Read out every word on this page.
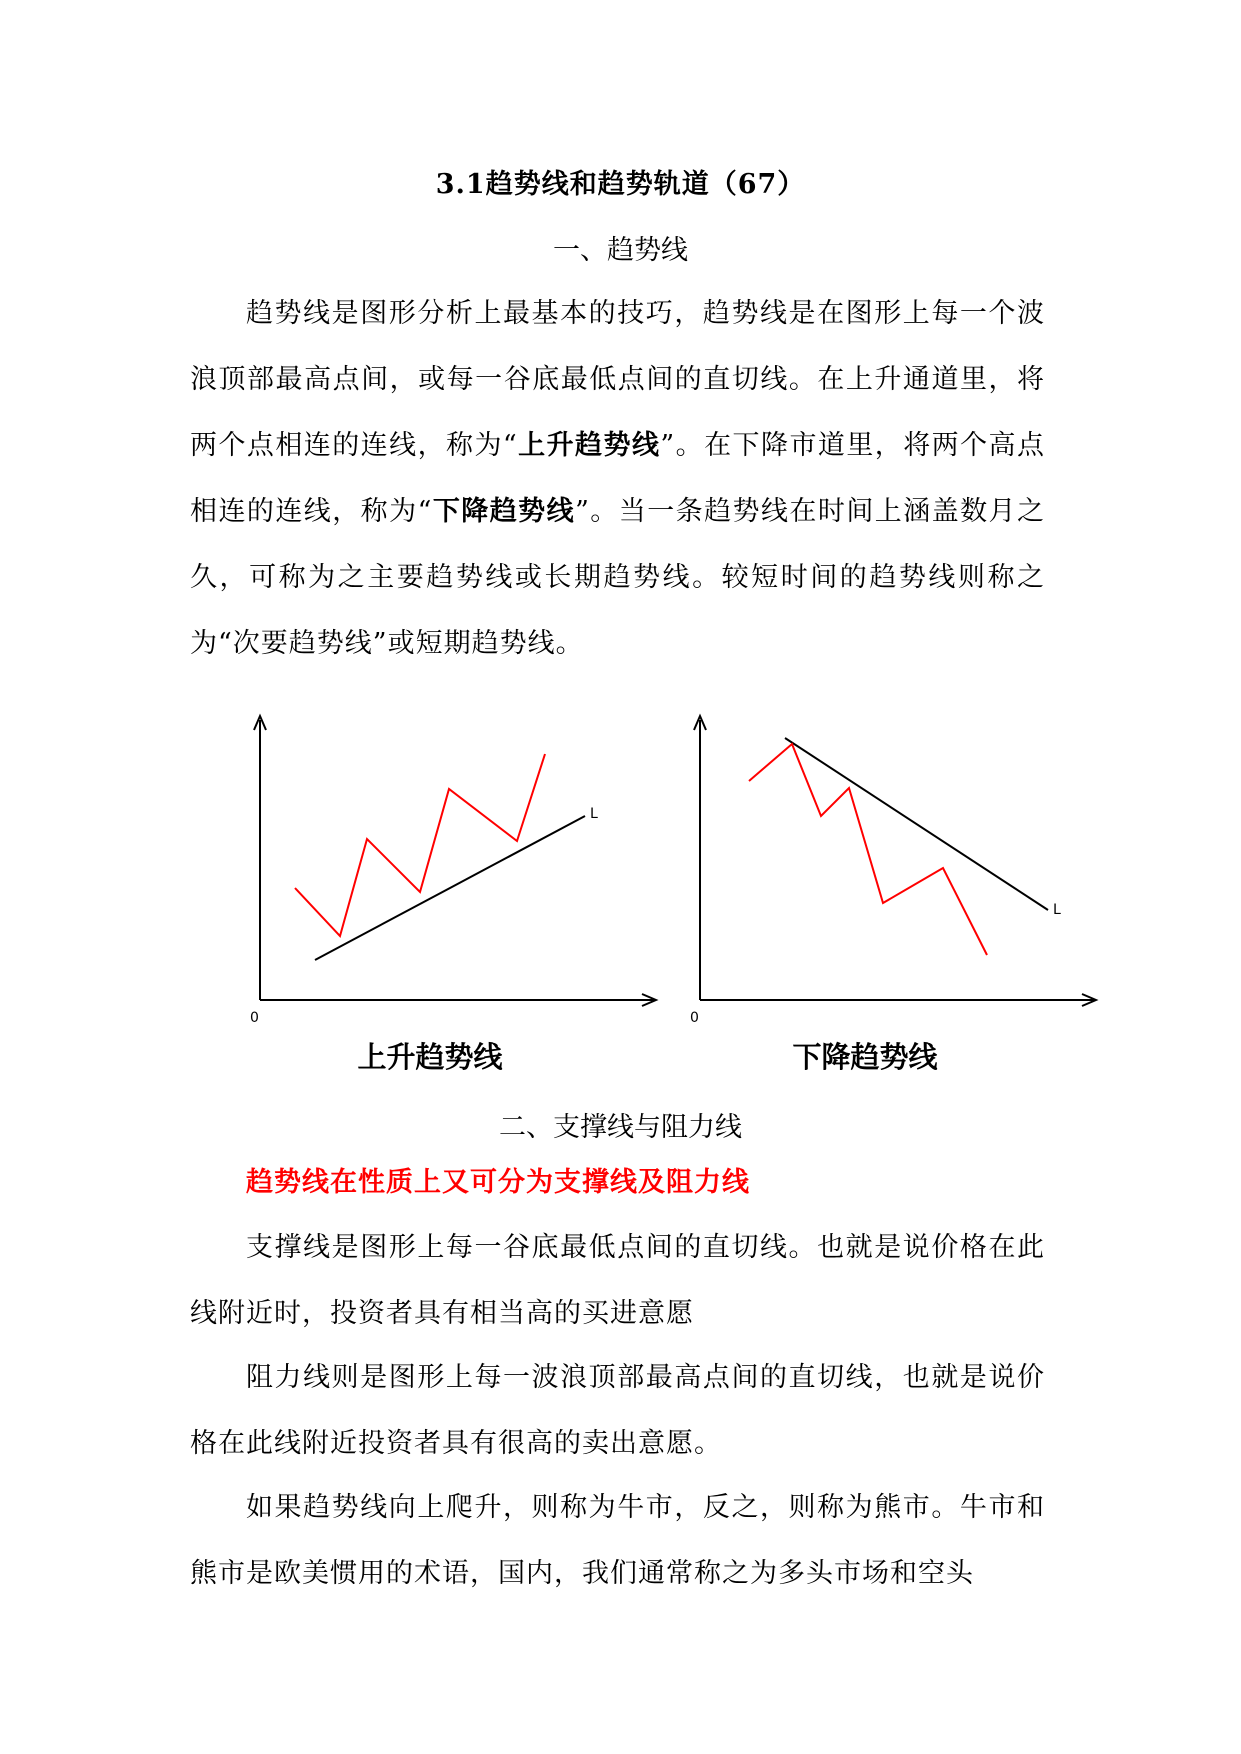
3.1趋势线和趋势轨道（67）
一、趋势线
趋势线是图形分析上最基本的技巧，趋势线是在图形上每一个波浪顶部最高点间，或每一谷底最低点间的直切线。在上升通道里，将两个点相连的连线，称为“上升趋势线”。在下降市道里，将两个高点相连的连线，称为“下降趋势线”。当一条趋势线在时间上涵盖数月之久，可称为之主要趋势线或长期趋势线。较短时间的趋势线则称之为“次要趋势线”或短期趋势线。
0
L
上升趋势线
0
L
下降趋势线
二、支撑线与阻力线
趋势线在性质上又可分为支撑线及阻力线
支撑线是图形上每一谷底最低点间的直切线。也就是说价格在此线附近时，投资者具有相当高的买进意愿
阻力线则是图形上每一波浪顶部最高点间的直切线，也就是说价格在此线附近投资者具有很高的卖出意愿。
如果趋势线向上爬升，则称为牛市，反之，则称为熊市。牛市和熊市是欧美惯用的术语，国内，我们通常称之为多头市场和空头
